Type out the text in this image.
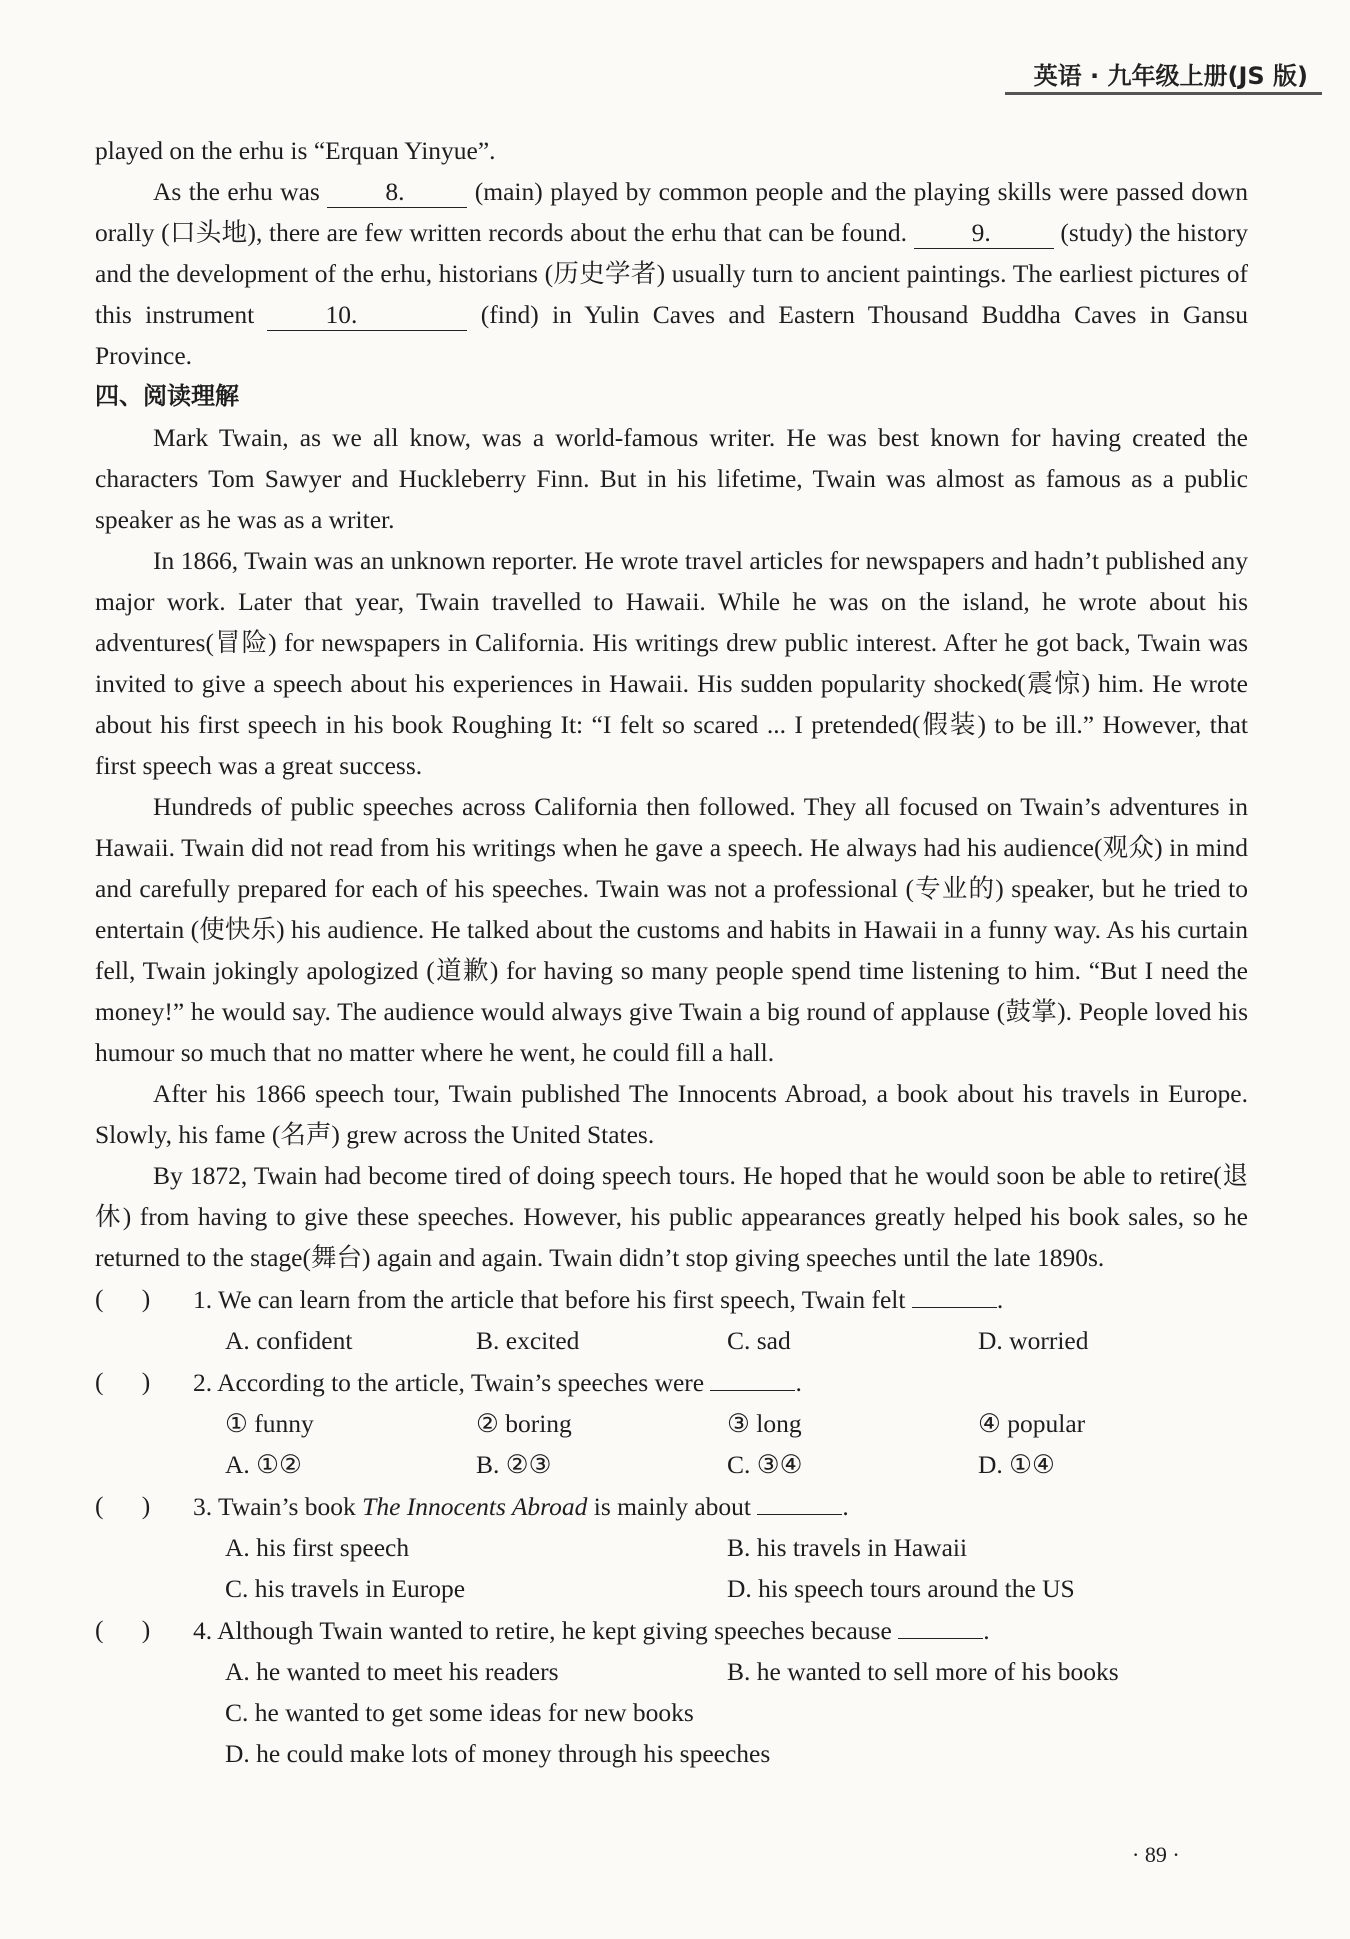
英语 · 九年级上册(JS 版)

played on the erhu is “Erquan Yinyue”.

As the erhu was 8. (main) played by common people and the playing skills were passed down orally (口头地), there are few written records about the erhu that can be found.	9. (study) the history and the development of the erhu, historians (历史学者) usually turn to ancient paintings. The earliest pictures of this instrument 10.	(find) in Yulin Caves and Eastern Thousand Buddha Caves in Gansu Province.

四、阅读理解

Mark Twain, as we all know, was a world-famous writer. He was best known for having created the characters Tom Sawyer and Huckleberry Finn. But in his lifetime, Twain was almost as famous as a public speaker as he was as a writer.

In 1866, Twain was an unknown reporter. He wrote travel articles for newspapers and hadn’t published any major work. Later that year, Twain travelled to Hawaii. While he was on the island, he wrote about his adventures(冒险) for newspapers in California. His writings drew public interest. After he got back, Twain was invited to give a speech about his experiences in Hawaii. His sudden popularity shocked(震惊) him. He wrote about his first speech in his book Roughing It: “I felt so scared ... I pretended(假装) to be ill.” However, that first speech was a great success.

Hundreds of public speeches across California then followed. They all focused on Twain’s adventures in Hawaii. Twain did not read from his writings when he gave a speech. He always had his audience(观众) in mind and carefully prepared for each of his speeches. Twain was not a professional (专业的) speaker, but he tried to entertain (使快乐) his audience. He talked about the customs and habits in Hawaii in a funny way. As his curtain fell, Twain jokingly apologized (道歉) for having so many people spend time listening to him. “But I need the money!” he would say. The audience would always give Twain a big round of applause (鼓掌). People loved his humour so much that no matter where he went, he could fill a hall.

After his 1866 speech tour, Twain published The Innocents Abroad, a book about his travels in Europe. Slowly, his fame (名声) grew across the United States.

By 1872, Twain had become tired of doing speech tours. He hoped that he would soon be able to retire(退休) from having to give these speeches. However, his public appearances greatly helped his book sales, so he returned to the stage(舞台) again and again. Twain didn’t stop giving speeches until the late 1890s.

(      )	1. We can learn from the article that before his first speech, Twain felt	.
A. confident	B. excited	C. sad	D. worried
(      )	2. According to the article, Twain’s speeches were	.
① funny	② boring	③ long	④ popular
A. ①②	B. ②③	C. ③④	D. ①④
(      )	3. Twain’s book The Innocents Abroad is mainly about	.
A. his first speech	B. his travels in Hawaii
C. his travels in Europe	D. his speech tours around the US
(      )	4. Although Twain wanted to retire, he kept giving speeches because	.
A. he wanted to meet his readers	B. he wanted to sell more of his books
C. he wanted to get some ideas for new books
D. he could make lots of money through his speeches
· 89 ·
